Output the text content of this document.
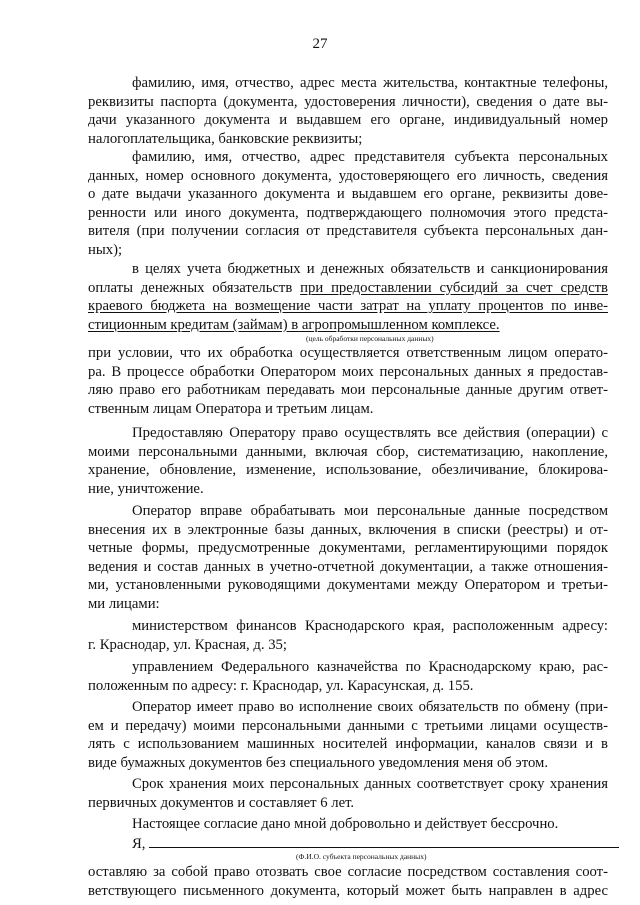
27
фамилию, имя, отчество, адрес места жительства, контактные телефоны,
реквизиты паспорта (документа, удостоверения личности), сведения о дате вы-
дачи указанного документа и выдавшем его органе, индивидуальный номер
налогоплательщика, банковские реквизиты;
фамилию, имя, отчество, адрес представителя субъекта персональных
данных, номер основного документа, удостоверяющего его личность, сведения
о дате выдачи указанного документа и выдавшем его органе, реквизиты дове-
ренности или иного документа, подтверждающего полномочия этого предста-
вителя (при получении согласия от представителя субъекта персональных дан-
ных);
в целях учета бюджетных и денежных обязательств и санкционирования
оплаты денежных обязательств при предоставлении субсидий за счет средств
краевого бюджета на возмещение части затрат на уплату процентов по инве-
стиционным кредитам (займам) в агропромышленном комплексе.
(цель обработки персональных данных)
при условии, что их обработка осуществляется ответственным лицом операто-
ра. В процессе обработки Оператором моих персональных данных я предостав-
ляю право его работникам передавать мои персональные данные другим ответ-
ственным лицам Оператора и третьим лицам.
Предоставляю Оператору право осуществлять все действия (операции) с
моими персональными данными, включая сбор, систематизацию, накопление,
хранение, обновление, изменение, использование, обезличивание, блокирова-
ние, уничтожение.
Оператор вправе обрабатывать мои персональные данные посредством
внесения их в электронные базы данных, включения в списки (реестры) и от-
четные формы, предусмотренные документами, регламентирующими порядок
ведения и состав данных в учетно-отчетной документации, а также отношения-
ми, установленными руководящими документами между Оператором и третьи-
ми лицами:
министерством финансов Краснодарского края, расположенным адресу:
г. Краснодар, ул. Красная, д. 35;
управлением Федерального казначейства по Краснодарскому краю, рас-
положенным по адресу: г. Краснодар, ул. Карасунская, д. 155.
Оператор имеет право во исполнение своих обязательств по обмену (при-
ем и передачу) моими персональными данными с третьими лицами осуществ-
лять с использованием машинных носителей информации, каналов связи и в
виде бумажных документов без специального уведомления меня об этом.
Срок хранения моих персональных данных соответствует сроку хранения
первичных документов и составляет 6 лет.
Настоящее согласие дано мной добровольно и действует бессрочно.
Я,
(Ф.И.О. субъекта персональных данных)
оставляю за собой право отозвать свое согласие посредством составления соот-
ветствующего письменного документа, который может быть направлен в адрес
